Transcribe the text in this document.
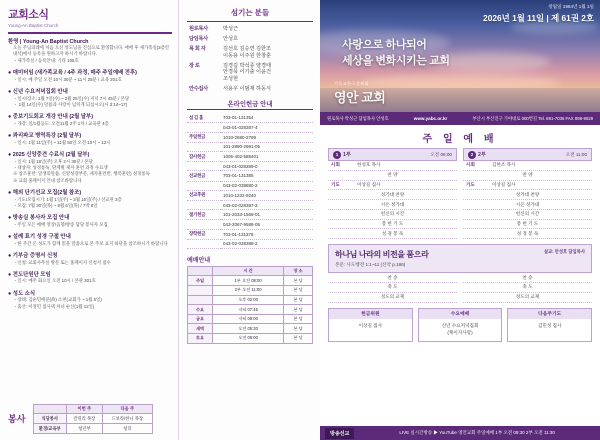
교회소식
Young-An Baptist Church
환영 | Young-An Baptist Church
오늘 주님의례에 처음 오신 성도님을 진심으로 환영합니다. 예배 후 새가족실(3층안내석)에서 등록을 원하고자 하시기 바랍니다.
・새가족실 / 등록안내: 기타 106호
● 매미터임 (새가족교육 / 4주 과정, 매주 주일예배 전후)
・일시: 매 주일 오전 10시 30분 ~ 11시 25분 / 교육 201호
● 신년 수요저녁집회 안내
・일시/장소: 1월 7일(수) ~ 2월 25일(수) 저녁 7시 45분 / 본당
・ 1월 14일(수) 말씀과 사랑이 넘치게 되십시오(시 3:14~17)
● 중보기도회교 개강 안내 (2월 달부)
・개강: 일/1월등도: 오전11월 2주 1차 / 교육관 4층
● 콰리파교 병역특강 (2월 달부)
・일시: 1월 11일(주) ~ 11월 50일 오전 10시 ~ 12시
● 2025 신앙중견 수료식 (2월 달부)
・일시: 1월 18일(주) 오후 2시 30분 / 본당
・대상자: 성경통독, 단계별 제자 훈련 과정 수료생
※ 참조훈련: 달생의말씀, 신앙성장부문, 제자훈련반, 행복훈련) 성경통독
※ 교회 홈페이지 안내 참조바랍니다
● 해외 단기선교 모집(2월 참조)
・기도/모집시기: 1월 1일(주) ~ 2월 15일(주) / 선교관 3층
・모집: 7월 30일(목) ~ 8월 6일(목) / 7박 8일
● 방송실 봉사자 모집 안내
・주일 모든 예배 영상/음향/방송 담당 봉사자 모집
● 설례 표기 성경 구절 안내
・한 주간 온 성도가 함께 읽을 말씀으로 본 주보 표지 하단을 참조하시기 바랍니다
● 기부금 증명서 신청
・신청: 교회사무실 방문 또는 홈페이지 신청서 접수
● 전도단원단 모임
・일시: 매주 화요일 오전 10시 / 본관 301호
● 성도 소식
・장례: 김순민에분(故) 소천(교회가 ~ 1월 5일)
・출산: 이정민 집사댁 차녀 순산(1월 12일)
봉사	이번 주	다음 주
식당봉사	갈릴리 목장	드보라/한나 목장
환경/교육부	청년부	청학
섬기는 분들
원로목사	박성근
담임목사	안성호
목 회 자	김선호 김승연 김한조
이동용 이주원 한창훈
장 로	김경길 박석종 양경태
안경묵 이기출 이윤건
조성현
안수집사	서용우 이범재 하동식
온라인헌금 안내
섬 김 홈	703-01-131354
	043-01-028387-4
주일헌금	1010-2680-2799
	101-2890-2991-05
감사헌금	1005-402-588401
	043-01-028389-0
선교헌금	703-01-131385
	043-02-038880-2
선교후원	1010-1232-9240
	043-02-028387-3
절기헌금	101-2033-1569-01
	043-2067-9588-05
장학헌금	703-01-131378
	043-02-038388-2
예배안내
	시 간	장 소
주일	1부 오전 08:00	본 당
	2부 오전 11:00	본 당
	오후 02:00	본 당
수요	저녁 07:45	본 당
금요	저녁 09:00	본 당
새벽	오전 05:30	본 당
토요	오전 06:00	본 당
창립일 1964년 1월 1일
2026년 1월 11일 | 제 61권 2호
사랑으로 하나되어
세상을 변화시키는 교회
기독교한국침례회
영안 교회
원로목사 박성근 담임목사 안성호	www.yabc.or.kr	부산시 부산진구 가야대로 000번길 Tel. 891-7036 FAX 898-9029
주 일 예 배
1 1부	오전 08:00
사회	한성호 목사
찬 양
기도	이상길 집사
성가대 찬양
시온 성가대
헌신의 시간
봉 헌 기 도
성 경 봉 독
2 2부	오전 11:00
사회	김한조 목사
찬 양
기도	이상길 집사
성가대 찬양
시온 성가대
헌신의 시간
봉 헌 기 도
성 경 봉 독
설교: 안성호 담임목사
하나님 나라의 비전을 품으라
본문: 사도행전 1:1~11 (신약 p.186)
찬 송
축 도
성도의 교제
찬 송
축 도
성도의 교제
헌금위원
이상길 집사
수요예배
신년 수요저녁집회
(케이지사랑)
다음주기도
김민성 집사
방송선교	LIVE 실시간방송 ▶ YouTube 영안교회 주일예배 1부 오전 09:30 2부 오전 11:30
